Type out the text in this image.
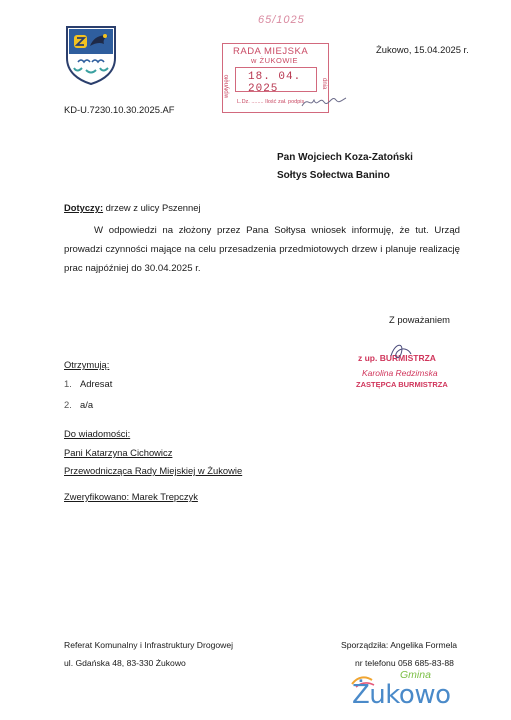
65/1025
RADA MIEJSKA
w ŻUKOWIE
wpłynęło	dnia
18. 04. 2025
L.Dz. ........ Ilość zał. podpis
Żukowo, 15.04.2025 r.
KD-U.7230.10.30.2025.AF
Pan Wojciech Koza-Zatoński
Sołtys Sołectwa Banino
Dotyczy: drzew z ulicy Pszennej
W odpowiedzi na złożony przez Pana Sołtysa wniosek informuję, że tut. Urząd prowadzi czynności mające na celu przesadzenia przedmiotowych drzew i planuje realizację prac najpóźniej do 30.04.2025 r.
Z poważaniem
z up. BURMISTRZA
Karolina Redzimska
ZASTĘPCA BURMISTRZA
Otrzymują:
1. Adresat
2. a/a
Do wiadomości:
Pani Katarzyna Cichowicz
Przewodnicząca Rady Miejskiej w Żukowie
Zweryfikowano: Marek Trepczyk
Referat Komunalny i Infrastruktury Drogowej
ul. Gdańska 48, 83-330 Żukowo
Sporządziła: Angelika Formela
nr telefonu 058 685-83-88
Gmina
Żukowo
